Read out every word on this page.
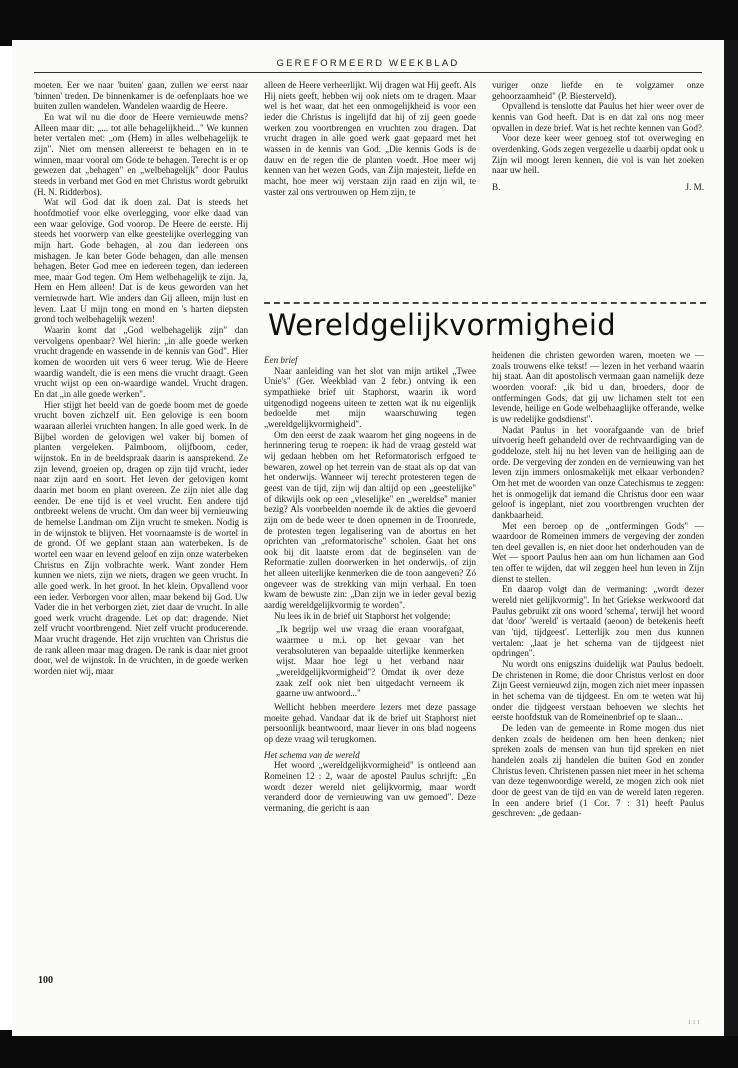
GEREFORMEERD WEEKBLAD

moeten. Eer we naar 'buiten' gaan, zullen we eerst naar 'binnen' treden. De binnenkamer is de oefenplaats hoe we buiten zullen wandelen. Wandelen waardig de Heere.

En wat wil nu die door de Heere vernieuwde mens? Alleen maar dit: „... tot alle behagelijkheid..." We kunnen beter vertalen met: „om (Hem) in alles welbehagelijk te zijn". Niet om mensen allereerst te behagen en in te winnen, maar vooral om Gode te behagen. Terecht is er op gewezen dat „behagen" en „welbehagelijk" door Paulus steeds in verband met God en met Christus wordt gebruikt (H. N. Ridderbos).

Wat wil God dat ik doen zal. Dat is steeds het hoofdmotief voor elke overlegging, voor elke daad van een waar gelovige. God voorop. De Heere de eerste. Hij steeds het voorwerp van elke geestelijke overlegging van mijn hart. Gode behagen, al zou dan iedereen ons mishagen. Je kan beter Gode behagen, dan alle mensen behagen. Beter God mee en iedereen tegen, dan iedereen mee, maar God tegen. Om Hem welbehagelijk te zijn. Ja, Hem en Hem alleen! Dat is de keus geworden van het vernieuwde hart. Wie anders dan Gij alleen, mijn lust en leven. Laat U mijn tong en mond en 's harten diepsten grond toch welbehagelijk wezen!

Waarin komt dat „God welbehagelijk zijn" dan vervolgens openbaar? Wel hierin: „in alle goede werken vrucht dragende en wassende in de kennis van God". Hier komen de woorden uit vers 6 weer terug. Wie de Heere waardig wandelt, die is een mens die vrucht draagt. Geen vrucht wijst op een on-waardige wandel. Vrucht dragen. En dat „in alle goede werken".

Hier stijgt het beeld van de goede boom met de goede vrucht boven zichzelf uit. Een gelovige is een boom waaraan allerlei vruchten hangen. In alle goed werk. In de Bijbel worden de gelovigen wel vaker bij bomen of planten vergeleken. Palmboom, olijfboom, ceder, wijnstok. En in de beeldspraak daarin is aansprekend. Ze zijn levend, groeien op, dragen op zijn tijd vrucht, ieder naar zijn aard en soort. Het leven der gelovigen komt daarin met boom en plant overeen. Ze zijn niet alle dag eender. De ene tijd is et veel vrucht. Een andere tijd ontbreekt welens de vrucht. Om dan weer bij vernieuwing de hemelse Landman om Zijn vrucht te smeken. Nodig is in de wijnstok te blijven. Het voornaamste is de wortel in de grond. Of we geplant staan aan waterbeken. Is de wortel een waar en levend geloof en zijn onze waterbeken Christus en Zijn volbrachte werk. Want zonder Hem kunnen we niets, zijn we niets, dragen we geen vrucht. In alle goed werk. In het groot. In het klein. Opvallend voor een ieder. Verborgen voor allen, maar bekend bij God. Uw Vader die in het verborgen ziet, ziet daar de vrucht. In alle goed werk vrucht dragende. Let op dat: dragende. Niet zelf vrucht voortbrengend. Niet zelf vrucht producerende. Maar vrucht dragende. Het zijn vruchten van Christus die de rank alleen maar mag dragen. De rank is daar niet groot door, wel de wijnstok. In de vruchten, in de goede werken worden niet wij, maar

alleen de Heere verheerlijkt. Wij dragen wat Hij geeft. Als Hij niets geeft, hebben wij ook niets om te dragen. Maar wel is het waar, dat het een onmogelijkheid is voor een ieder die Christus is ingelijfd dat hij of zij geen goede werken zou voortbrengen en vruchten zou dragen. Dat vrucht dragen in alle goed werk gaat gepaard met het wassen in de kennis van God. „Die kennis Gods is de dauw en de regen die de planten voedt. Hoe meer wij kennen van het wezen Gods, van Zijn majesteit, liefde en macht, hoe meer wij verstaan zijn raad en zijn wil, te vaster zal ons vertrouwen op Hem zijn, te

vuriger onze liefde en te volgzamer onze gehoorzaamheid" (P. Biesterveld).

Opvallend is tenslotte dat Paulus het hier weer over de kennis van God heeft. Dat is en dat zal ons nog meer opvallen in deze brief. Wat is het rechte kennen van God?

Voor deze keer weer genoeg stof tot overweging en overdenking. Gods zegen vergezelle u daarbij opdat ook u Zijn wil moogt leren kennen, die vol is van het zoeken naar uw heil.

B.	J. M.
Wereldgelijkvormigheid

Een brief

Naar aanleiding van het slot van mijn artikel „Twee Unie's" (Ger. Weekblad van 2 febr.) ontving ik een sympathieke brief uit Staphorst, waarin ik word uitgenodigd nogeens uiteen te zetten wat ik nu eigenlijk bedoelde met mijn waarschuwing tegen „wereldgelijkvormigheid".

Om den eerst de zaak waarom het ging nogeens in de herinnering terug te roepen: ik had de vraag gesteld wat wij gedaan hebben om het Reformatorisch erfgoed te bewaren, zowel op het terrein van de staat als op dat van het onderwijs. Wanneer wij terecht protesteren tegen de geest van de tijd, zijn wij dan altijd op een „geestelijke" of dikwijls ook op een „vleselijke" en „wereldse" manier bezig? Als voorbeelden noemde ik de akties die gevoerd zijn om de bede weer te doen opnemen in de Troonrede, de protesten tegen legalisering van de abortus en het oprichten van „reformatorische" scholen. Gaat het ons ook bij dit laatste erom dat de beginselen van de Reformatie zullen doorwerken in het onderwijs, of zijn het alleen uiterlijke kenmerken die de toon aangeven? Zó ongeveer was de strekking van mijn verhaal. En toen kwam de bewuste zin: „Dan zijn we in ieder geval bezig aardig wereldgelijkvormig te worden".

Nu lees ik in de brief uit Staphorst het volgende:

„Ik begrijp wel uw vraag die eraan voorafgaat, waarmee u m.i. op het gevaar van het verabsoluteren van bepaalde uiterlijke kenmerken wijst. Maar hoe legt u het verband naar „wereldgelijkvormigheid"? Omdat ik over deze zaak zelf ook niet ben uitgedacht verneem ik gaarne uw antwoord..."

Wellicht hebben meerdere lezers met deze passage moeite gehad. Vandaar dat ik de brief uit Staphorst niet persoonlijk beantwoord, maar liever in ons blad nogeens op deze vraag wil terugkomen.

Het schema van de wereld

Het woord „wereldgelijkvormigheid" is ontleend aan Romeinen 12 : 2, waar de apostel Paulus schrijft: „En wordt dezer wereld niet gelijkvormig, maar wordt veranderd door de vernieuwing van uw gemoed". Deze vermaning, die gericht is aan

heidenen die christen geworden waren, moeten we — zoals trouwens elke tekst! — lezen in het verband waarin hij staat. Aan dit apostolisch vermaan gaan namelijk deze woorden vooraf: „ik bid u dan, broeders, door de ontfermingen Gods, dat gij uw lichamen stelt tot een levende, heilige en Gode welbehaaglijke offerande, welke is uw redelijke godsdienst".

Nadat Paulus in het voorafgaande van de brief uitvoerig heeft gehandeld over de rechtvaardiging van de goddeloze, stelt hij nu het leven van de heiliging aan de orde. De vergeving der zonden en de vernieuwing van het leven zijn immers onlosmakelijk met elkaar verbonden? Om het met de woorden van onze Catechismus te zeggen: het is onmogelijk dat iemand die Christus door een waar geloof is ingeplant, niet zou voortbrengen vruchten der dankbaarheid.

Met een beroep op de „ontfermingen Gods" — waardoor de Romeinen immers de vergeving der zonden ten deel gevallen is, en niet door het onderhouden van de Wet — spoort Paulus hen aan om hun lichamen aan God ten offer te wijden, dat wil zeggen heel hun leven in Zijn dienst te stellen.

En daarop volgt dan de vermaning: „wordt dezer wereld niet gelijkvormig". In het Griekse werkwoord dat Paulus gebruikt zit ons woord 'schema', terwijl het woord dat 'door' 'wereld' is vertaald (aeoon) de betekenis heeft van 'tijd, tijdgeest'. Letterlijk zou men dus kunnen vertalen: „laat je het schema van de tijdgeest niet opdringen".

Nu wordt ons enigszins duidelijk wat Paulus bedoelt. De christenen in Rome, die door Christus verlost en door Zijn Geest vernieuwd zijn, mogen zich niet meer inpassen in het schema van de tijdgeest. En om te weten wat hij onder die tijdgeest verstaan behoeven we slechts het eerste hoofdstuk van de Romeinenbrief op te slaan...

De leden van de gemeente in Rome mogen dus niet denken zoals de heidenen om hen heen denken; niet spreken zoals de mensen van hun tijd spreken en niet handelen zoals zij handelen die buiten God en zonder Christus leven. Christenen passen niet meer in het schema van deze tegenwoordige wereld, ze mogen zich ook niet door de geest van de tijd en van de wereld laten regeren. In een andere brief (1 Cor. 7 : 31) heeft Paulus geschreven: „de gedaan-

100
1 1 1
